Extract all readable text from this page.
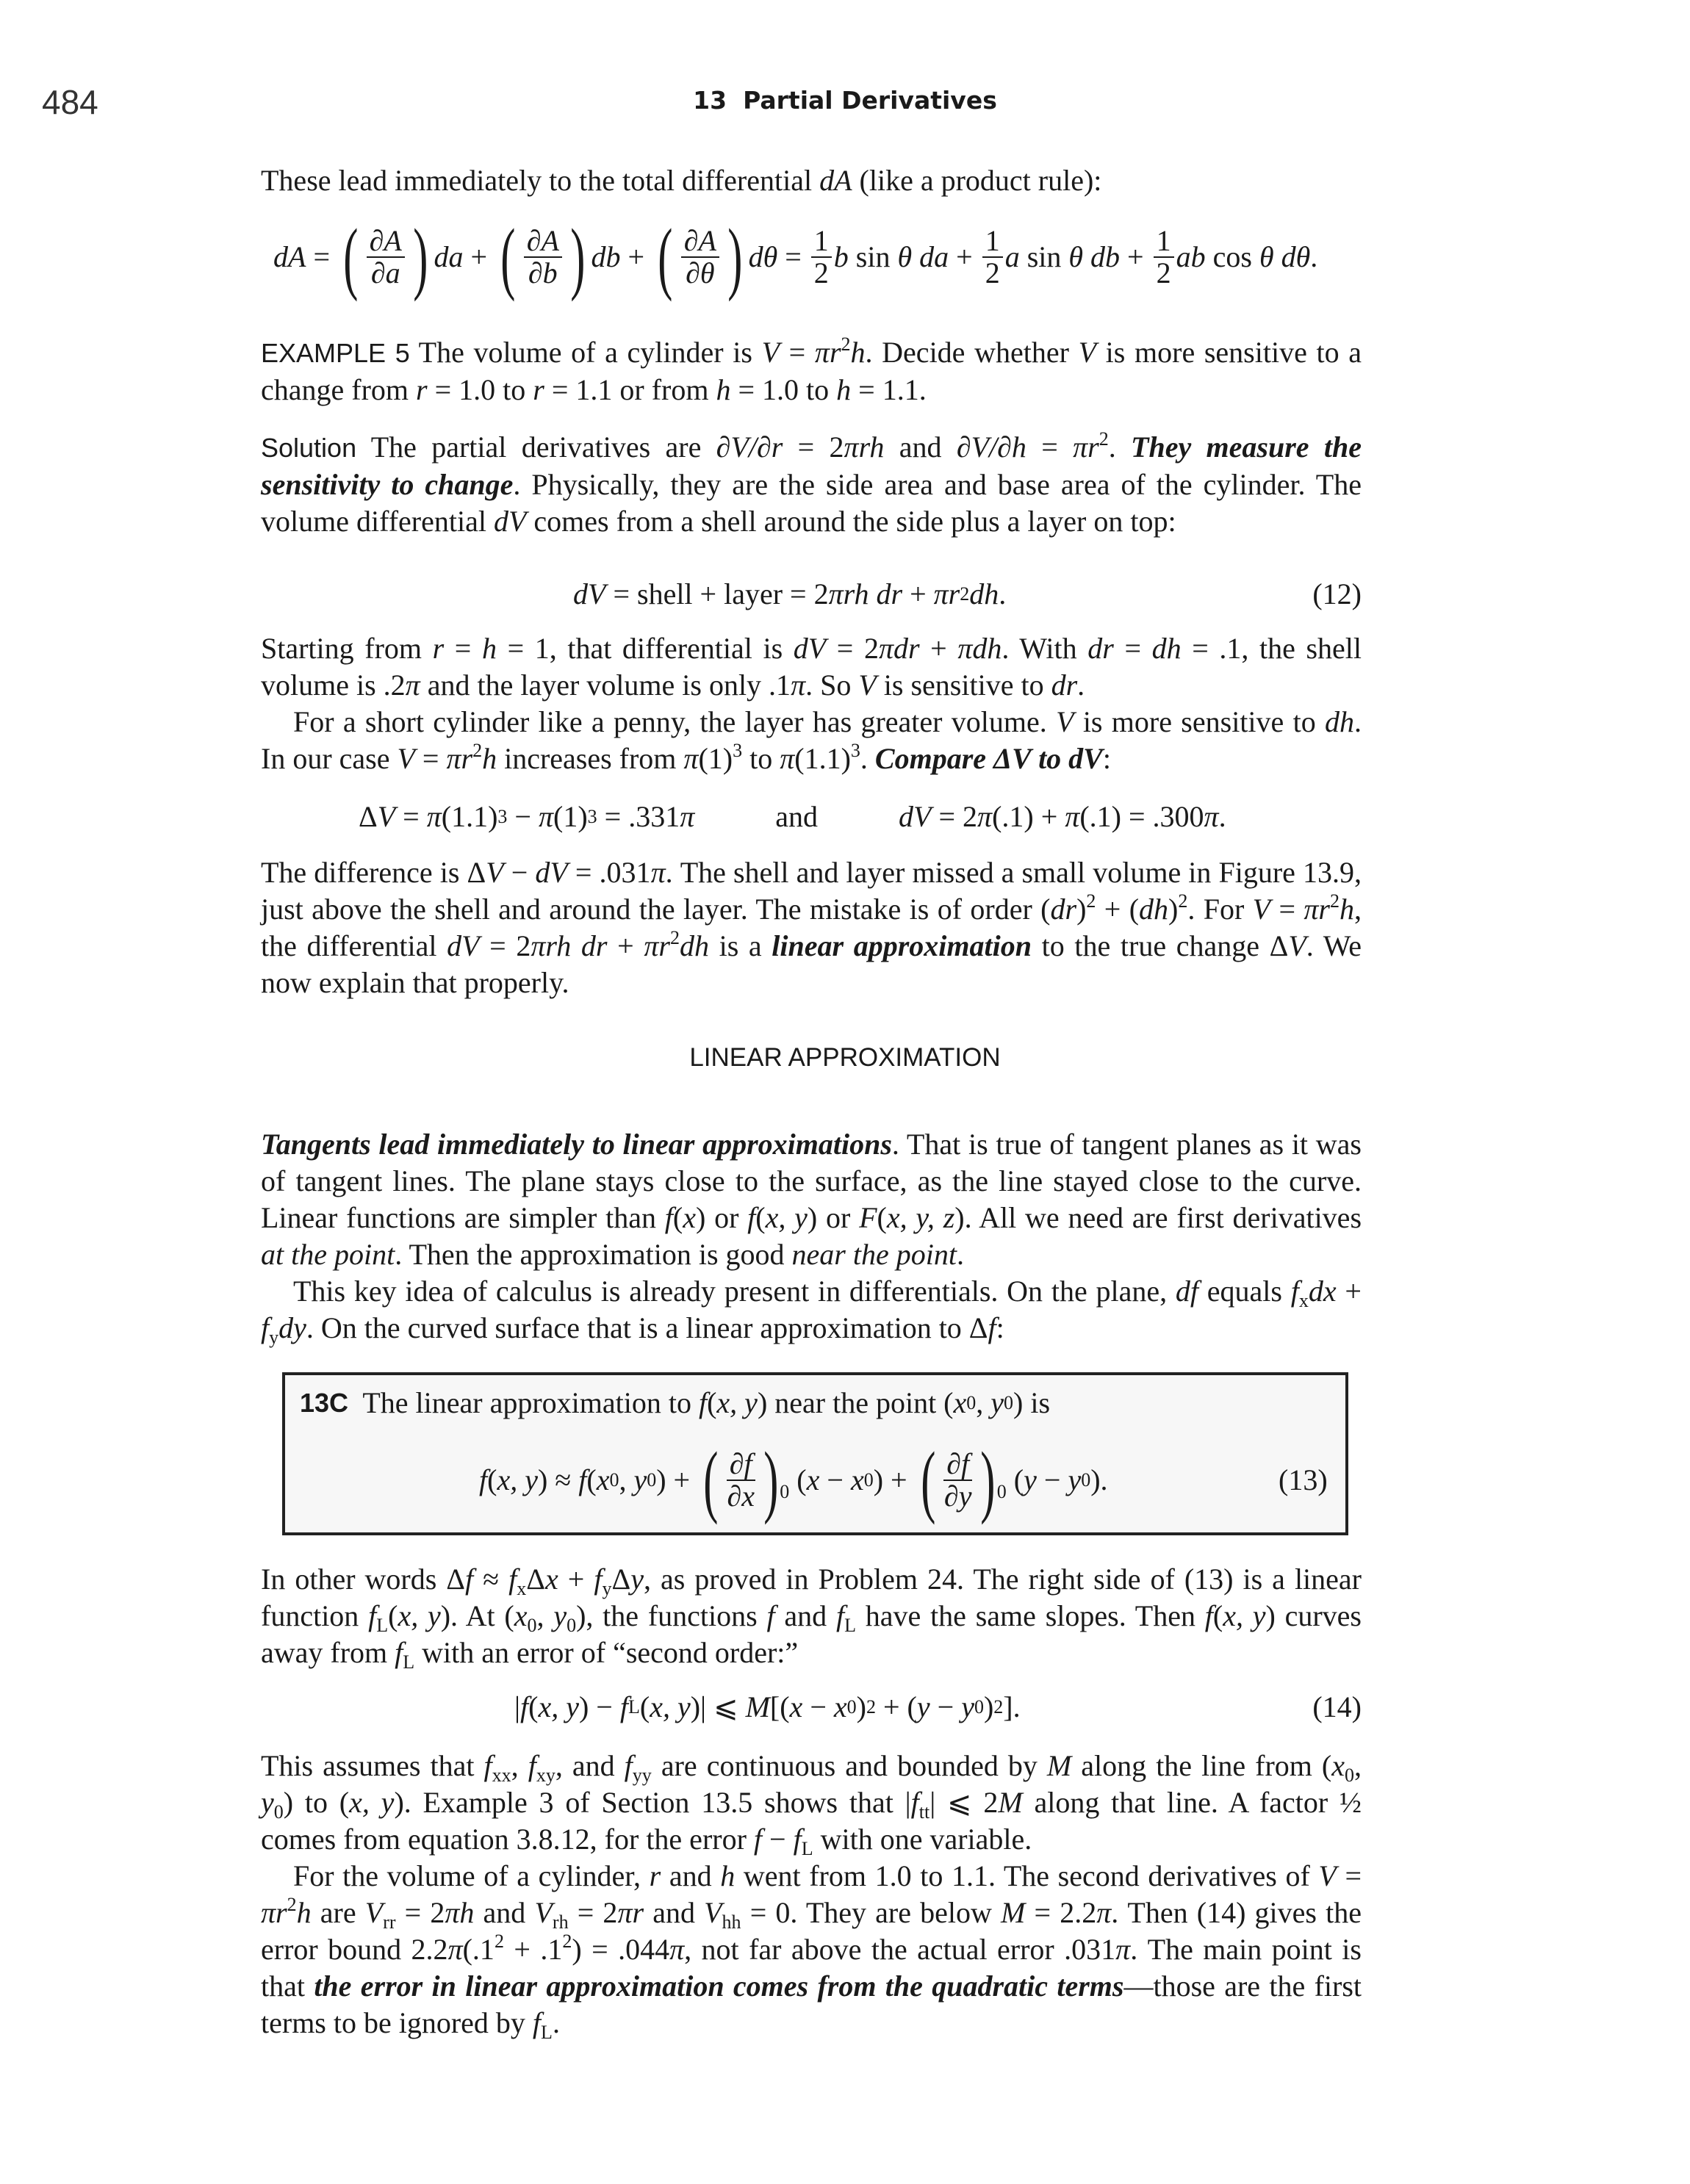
484	13 Partial Derivatives

These lead immediately to the total differential dA (like a product rule):

dA = ( $\frac{\partial A}{\partial a}$ ) da + ( $\frac{\partial A}{\partial b}$ ) db + ( $\frac{\partial A}{\partial\theta}$ ) $d\theta = \frac{1}{2}$ b sin θ da + $\frac{1}{2}$ a sin θ db + $\frac{1}{2}$ ab cos θ dθ .

EXAMPLE 5 The volume of a cylinder is $V = \pi r^2h$. Decide whether V is more sensitive to a change from r = 1.0 to r = 1.1 or from h = 1.0 to h = 1.1.

Solution The partial derivatives are ∂V/∂r = 2πrh and $\partial V/\partial h = \pi r^2$. They measure the sensitivity to change. Physically, they are the side area and base area of the cylinder. The volume differential dV comes from a shell around the side plus a layer on top:

dV = shell + layer = 2 πrh dr + πr 2 dh .	(12)

Starting from r = h = 1, that differential is dV = 2πdr + πdh. With dr = dh = .1, the shell volume is .2π and the layer volume is only .1π. So V is sensitive to dr.

For a short cylinder like a penny, the layer has greater volume. V is more sensitive to dh. In our case $V = \pi r^2h$ increases from $\pi(1)^3$ to $\pi(1.1)^3$. Compare ΔV to dV:

Δ V = π (1.1) 3 − π (1) 3 = .331 π	and	dV = 2 π (.1) + π (.1) = .300 π .

The difference is ΔV − dV = .031π. The shell and layer missed a small volume in Figure 13.9, just above the shell and around the layer. The mistake is of order (dr)$^2$ + (dh)$^2$. For $V = \pi r^2h$, the differential dV = 2πrh dr + $\pi r^2dh$ is a linear approximation to the true change ΔV. We now explain that properly.

LINEAR APPROXIMATION

Tangents lead immediately to linear approximations. That is true of tangent planes as it was of tangent lines. The plane stays close to the surface, as the line stayed close to the curve. Linear functions are simpler than f(x) or f(x, y) or F(x, y, z). All we need are first derivatives at the point. Then the approximation is good near the point.

This key idea of calculus is already present in differentials. On the plane, df equals $f_xdx + f_ydy$. On the curved surface that is a linear approximation to Δf:

13C The linear approximation to f ( x, y ) near the point ( x 0 , y 0 ) is
f ( x, y ) ≈ f ( x 0 , y 0 ) + ( $\frac{\partial f}{\partial x}$ ) 0 ( x − x 0 ) + ( $\frac{\partial f}{\partial y}$ ) 0 ( y − y 0 ).	(13)

In other words $\Delta f \approx f_x\Delta x + f_y\Delta y$, as proved in Problem 24. The right side of (13) is a linear function $f_L(x$, y). At ($x_0$, $y_0$), the functions f and $f_L$ have the same slopes. Then f(x, y) curves away from $f_L$ with an error of “second order:”

| f ( x, y ) − f L ( x, y )| ⩽ M [( x − x 0 ) 2 + ( y − y 0 ) 2 ].	(14)

This assumes that $f_{xx}$, $f_{xy}$, and $f_{yy}$ are continuous and bounded by M along the line from ($x_0$, $y_0$) to (x, y). Example 3 of Section 13.5 shows that $|f_{tt}|$ ⩽ 2M along that line. A factor ½ comes from equation 3.8.12, for the error $f - f_L$ with one variable.

For the volume of a cylinder, r and h went from 1.0 to 1.1. The second derivatives of $V = \pi r^2h$ are $V_{rr} = 2\pi h$ and $V_{rh} = 2\pi r$ and $V_{hh} = 0$. They are below M = 2.2π. Then (14) gives the error bound $2.2\pi(.1^2 + .1^2) = .044\pi$, not far above the actual error .031π. The main point is that the error in linear approximation comes from the quadratic terms—those are the first terms to be ignored by $f_L$.
